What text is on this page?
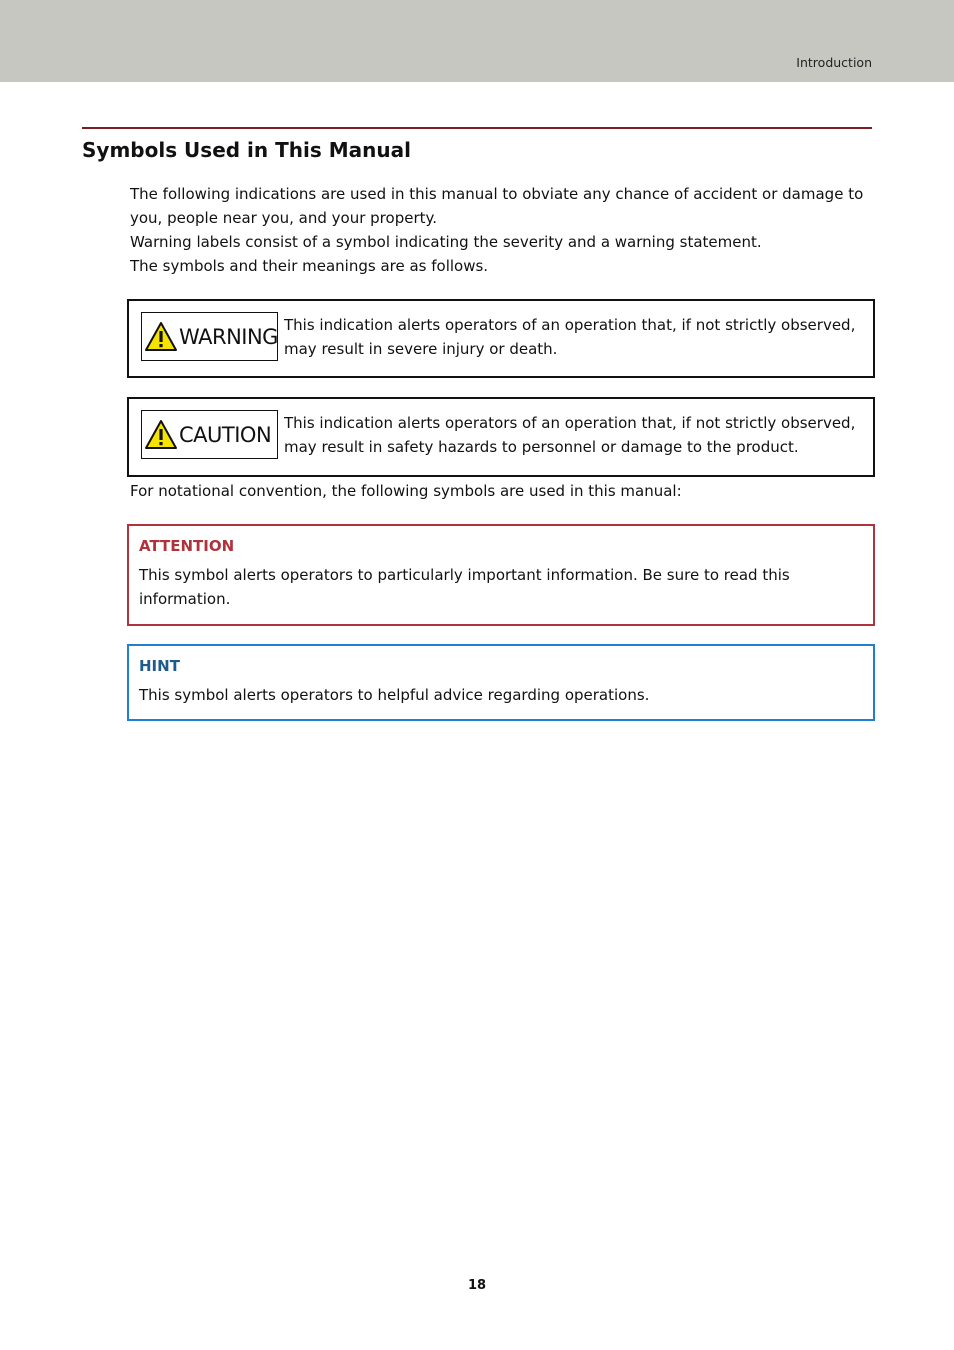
Introduction
Symbols Used in This Manual

The following indications are used in this manual to obviate any chance of accident or damage to you, people near you, and your property.
Warning labels consist of a symbol indicating the severity and a warning statement.
The symbols and their meanings are as follows.

WARNING This indication alerts operators of an operation that, if not strictly observed, may result in severe injury or death.
CAUTION This indication alerts operators of an operation that, if not strictly observed, may result in safety hazards to personnel or damage to the product.

For notational convention, the following symbols are used in this manual:

ATTENTION
This symbol alerts operators to particularly important information. Be sure to read this information.
HINT
This symbol alerts operators to helpful advice regarding operations.
18
